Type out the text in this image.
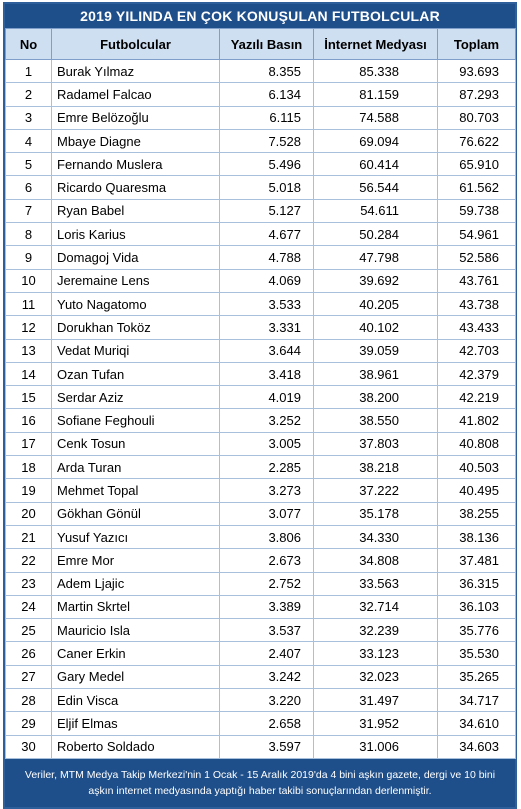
2019 YILINDA EN ÇOK KONUŞULAN FUTBOLCULAR
No	Futbolcular	Yazılı Basın	İnternet Medyası	Toplam
1	Burak Yılmaz	8.355	85.338	93.693
2	Radamel Falcao	6.134	81.159	87.293
3	Emre Belözoğlu	6.115	74.588	80.703
4	Mbaye Diagne	7.528	69.094	76.622
5	Fernando Muslera	5.496	60.414	65.910
6	Ricardo Quaresma	5.018	56.544	61.562
7	Ryan Babel	5.127	54.611	59.738
8	Loris Karius	4.677	50.284	54.961
9	Domagoj Vida	4.788	47.798	52.586
10	Jeremaine Lens	4.069	39.692	43.761
11	Yuto Nagatomo	3.533	40.205	43.738
12	Dorukhan Toköz	3.331	40.102	43.433
13	Vedat Muriqi	3.644	39.059	42.703
14	Ozan Tufan	3.418	38.961	42.379
15	Serdar Aziz	4.019	38.200	42.219
16	Sofiane Feghouli	3.252	38.550	41.802
17	Cenk Tosun	3.005	37.803	40.808
18	Arda Turan	2.285	38.218	40.503
19	Mehmet Topal	3.273	37.222	40.495
20	Gökhan Gönül	3.077	35.178	38.255
21	Yusuf Yazıcı	3.806	34.330	38.136
22	Emre Mor	2.673	34.808	37.481
23	Adem Ljajic	2.752	33.563	36.315
24	Martin Skrtel	3.389	32.714	36.103
25	Mauricio Isla	3.537	32.239	35.776
26	Caner Erkin	2.407	33.123	35.530
27	Gary Medel	3.242	32.023	35.265
28	Edin Visca	3.220	31.497	34.717
29	Eljif Elmas	2.658	31.952	34.610
30	Roberto Soldado	3.597	31.006	34.603
Veriler, MTM Medya Takip Merkezi'nin 1 Ocak - 15 Aralık 2019'da 4 bini aşkın gazete, dergi ve 10 bini aşkın internet medyasında yaptığı haber takibi sonuçlarından derlenmiştir.
